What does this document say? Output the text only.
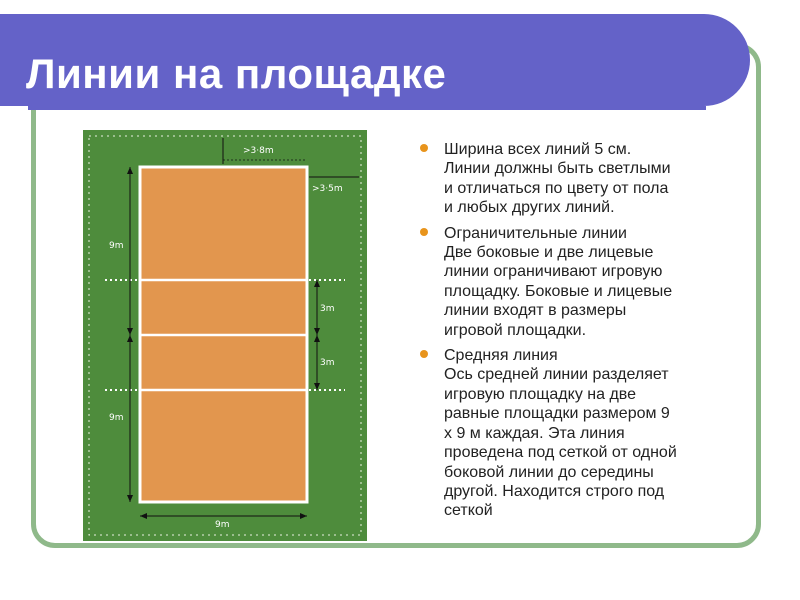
Линии на площадке
>3·8m
>3·5m
9m
9m
3m
3m
9m
Ширина всех линий 5 см.
Линии должны быть светлыми
и отличаться по цвету от пола
и любых других линий.
Ограничительные линии
Две боковые и две лицевые
линии ограничивают игровую
площадку. Боковые и лицевые
линии входят в размеры
игровой площадки.
Средняя линия
Ось средней линии разделяет
игровую площадку на две
равные площадки размером 9
х 9 м каждая. Эта линия
проведена под сеткой от одной
боковой линии до середины
другой. Находится строго под
сеткой
